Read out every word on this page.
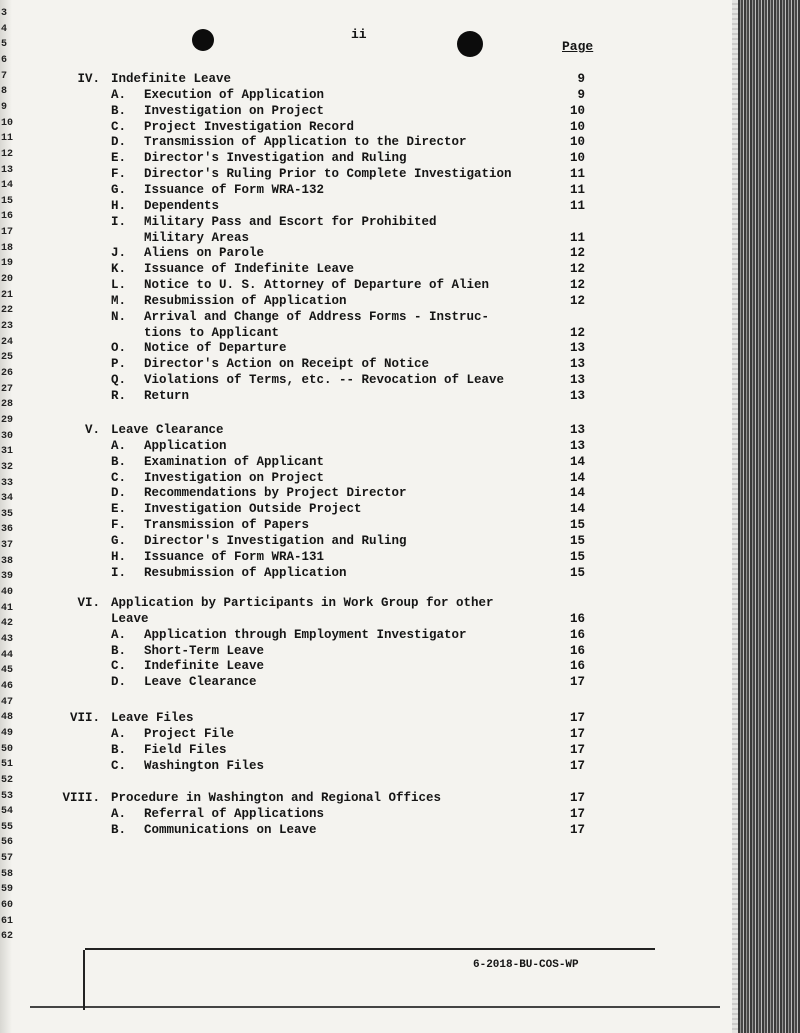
3
4
5
6
7
8
9
10
11
12
13
14
15
16
17
18
19
20
21
22
23
24
25
26
27
28
29
30
31
32
33
34
35
36
37
38
39
40
41
42
43
44
45
46
47
48
49
50
51
52
53
54
55
56
57
58
59
60
61
62
ii
Page
IV. Indefinite Leave	9
A. Execution of Application	9
B. Investigation on Project	10
C. Project Investigation Record	10
D. Transmission of Application to the Director	10
E. Director's Investigation and Ruling	10
F. Director's Ruling Prior to Complete Investigation	11
G. Issuance of Form WRA-132	11
H. Dependents	11
I. Military Pass and Escort for Prohibited
Military Areas	11
J. Aliens on Parole	12
K. Issuance of Indefinite Leave	12
L. Notice to U. S. Attorney of Departure of Alien	12
M. Resubmission of Application	12
N. Arrival and Change of Address Forms - Instruc-
tions to Applicant	12
O. Notice of Departure	13
P. Director's Action on Receipt of Notice	13
Q. Violations of Terms, etc. -- Revocation of Leave	13
R. Return	13
V. Leave Clearance	13
A. Application	13
B. Examination of Applicant	14
C. Investigation on Project	14
D. Recommendations by Project Director	14
E. Investigation Outside Project	14
F. Transmission of Papers	15
G. Director's Investigation and Ruling	15
H. Issuance of Form WRA-131	15
I. Resubmission of Application	15
VI. Application by Participants in Work Group for other
Leave	16
A. Application through Employment Investigator	16
B. Short-Term Leave	16
C. Indefinite Leave	16
D. Leave Clearance	17
VII. Leave Files	17
A. Project File	17
B. Field Files	17
C. Washington Files	17
VIII. Procedure in Washington and Regional Offices	17
A. Referral of Applications	17
B. Communications on Leave	17
6-2018-BU-COS-WP
